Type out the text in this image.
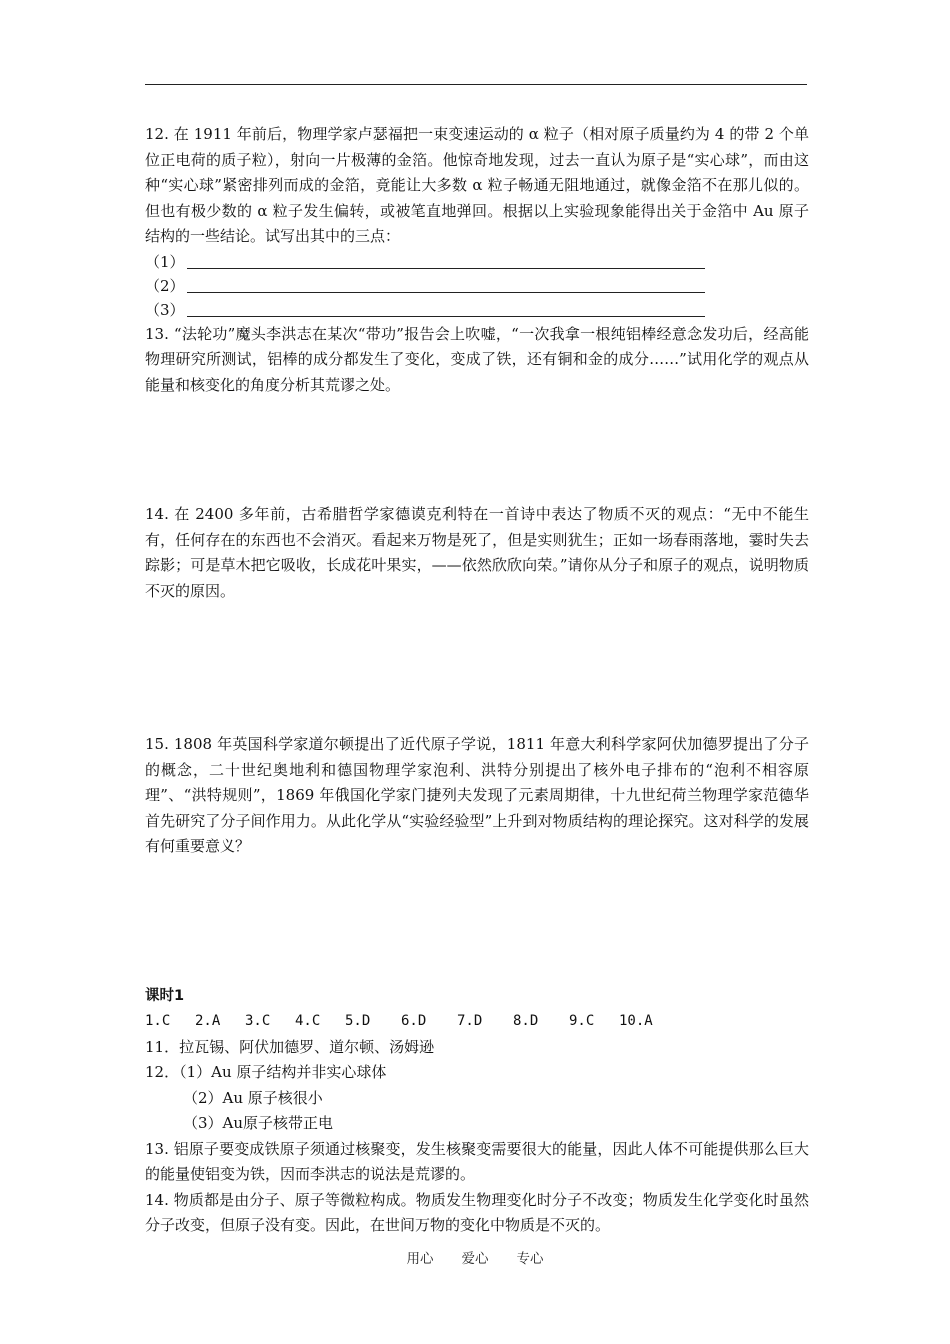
12. 在 1911 年前后，物理学家卢瑟福把一束变速运动的 α 粒子（相对原子质量约为 4 的带 2 个单位正电荷的质子粒），射向一片极薄的金箔。他惊奇地发现，过去一直认为原子是“实心球”，而由这种“实心球”紧密排列而成的金箔，竟能让大多数 α 粒子畅通无阻地通过，就像金箔不在那儿似的。但也有极少数的 α 粒子发生偏转，或被笔直地弹回。根据以上实验现象能得出关于金箔中 Au 原子结构的一些结论。试写出其中的三点：

（1）
（2）
（3）

13. “法轮功”魔头李洪志在某次“带功”报告会上吹嘘，“一次我拿一根纯铝棒经意念发功后，经高能物理研究所测试，铝棒的成分都发生了变化，变成了铁，还有铜和金的成分……”试用化学的观点从能量和核变化的角度分析其荒谬之处。

14. 在 2400 多年前，古希腊哲学家德谟克利特在一首诗中表达了物质不灭的观点：“无中不能生有，任何存在的东西也不会消灭。看起来万物是死了，但是实则犹生；正如一场春雨落地，霎时失去踪影；可是草木把它吸收，长成花叶果实，——依然欣欣向荣。”请你从分子和原子的观点，说明物质不灭的原因。

15. 1808 年英国科学家道尔顿提出了近代原子学说，1811 年意大利科学家阿伏加德罗提出了分子的概念，二十世纪奥地利和德国物理学家泡利、洪特分别提出了核外电子排布的“泡利不相容原理”、“洪特规则”，1869 年俄国化学家门捷列夫发现了元素周期律，十九世纪荷兰物理学家范德华首先研究了分子间作用力。从此化学从“实验经验型”上升到对物质结构的理论探究。这对科学的发展有何重要意义？

课时1

1.C 2.A 3.C 4.C 5.D 6.D 7.D 8.D 9.C 10.A

11．拉瓦锡、阿伏加德罗、道尔顿、汤姆逊

12．（1）Au 原子结构并非实心球体

（2）Au 原子核很小

（3）Au原子核带正电

13. 铝原子要变成铁原子须通过核聚变，发生核聚变需要很大的能量，因此人体不可能提供那么巨大的能量使铝变为铁，因而李洪志的说法是荒谬的。

14. 物质都是由分子、原子等微粒构成。物质发生物理变化时分子不改变；物质发生化学变化时虽然分子改变，但原子没有变。因此，在世间万物的变化中物质是不灭的。

用心 爱心 专心
